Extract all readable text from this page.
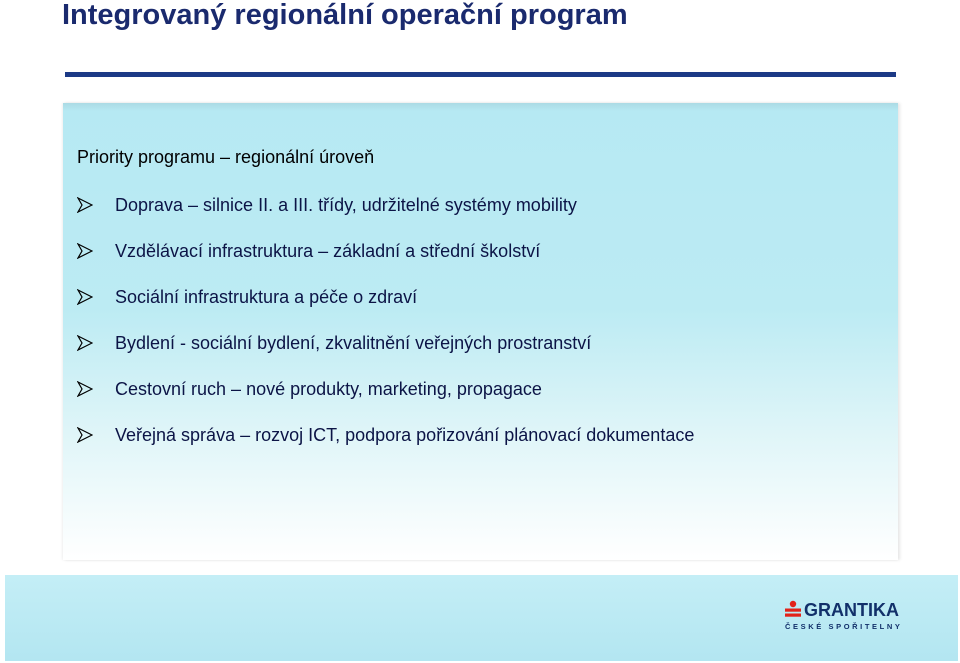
Integrovaný regionální operační program
Priority programu – regionální úroveň
Doprava – silnice II. a III. třídy, udržitelné systémy mobility
Vzdělávací infrastruktura – základní a střední školství
Sociální infrastruktura a péče o zdraví
Bydlení - sociální bydlení, zkvalitnění veřejných prostranství
Cestovní ruch – nové produkty, marketing, propagace
Veřejná správa – rozvoj ICT, podpora pořizování plánovací dokumentace
GRANTIKA
ČESKÉ SPOŘITELNY
